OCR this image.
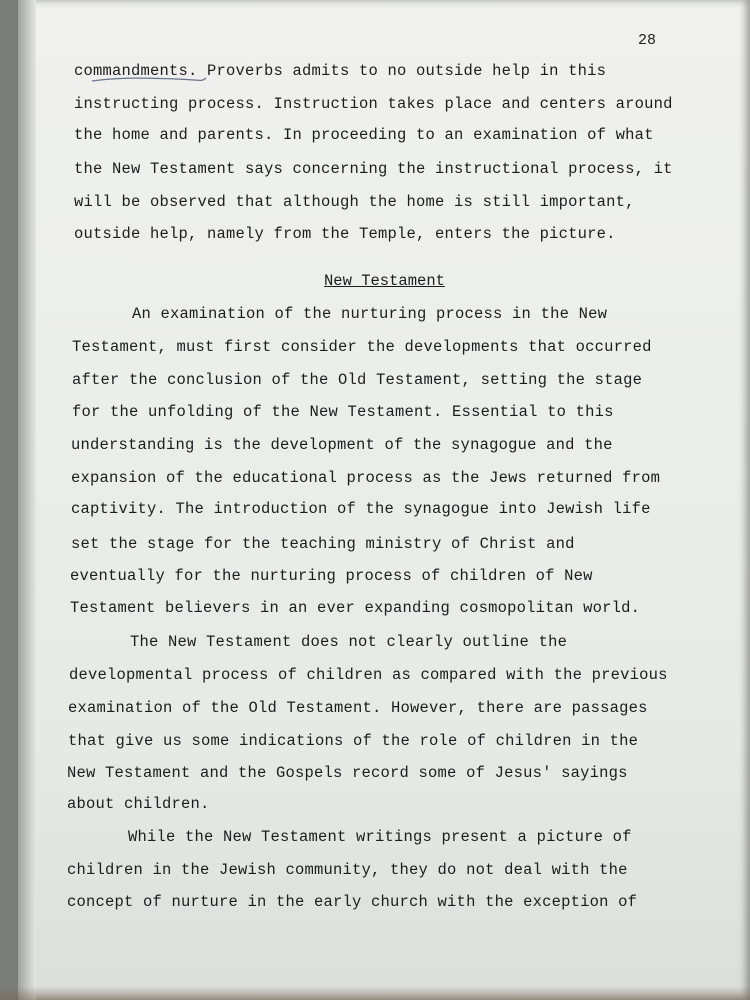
28
commandments. Proverbs admits to no outside help in this
instructing process. Instruction takes place and centers around
the home and parents. In proceeding to an examination of what
the New Testament says concerning the instructional process, it
will be observed that although the home is still important,
outside help, namely from the Temple, enters the picture.
New Testament
An examination of the nurturing process in the New
Testament, must first consider the developments that occurred
after the conclusion of the Old Testament, setting the stage
for the unfolding of the New Testament. Essential to this
understanding is the development of the synagogue and the
expansion of the educational process as the Jews returned from
captivity. The introduction of the synagogue into Jewish life
set the stage for the teaching ministry of Christ and
eventually for the nurturing process of children of New
Testament believers in an ever expanding cosmopolitan world.
The New Testament does not clearly outline the
developmental process of children as compared with the previous
examination of the Old Testament. However, there are passages
that give us some indications of the role of children in the
New Testament and the Gospels record some of Jesus' sayings
about children.
While the New Testament writings present a picture of
children in the Jewish community, they do not deal with the
concept of nurture in the early church with the exception of
